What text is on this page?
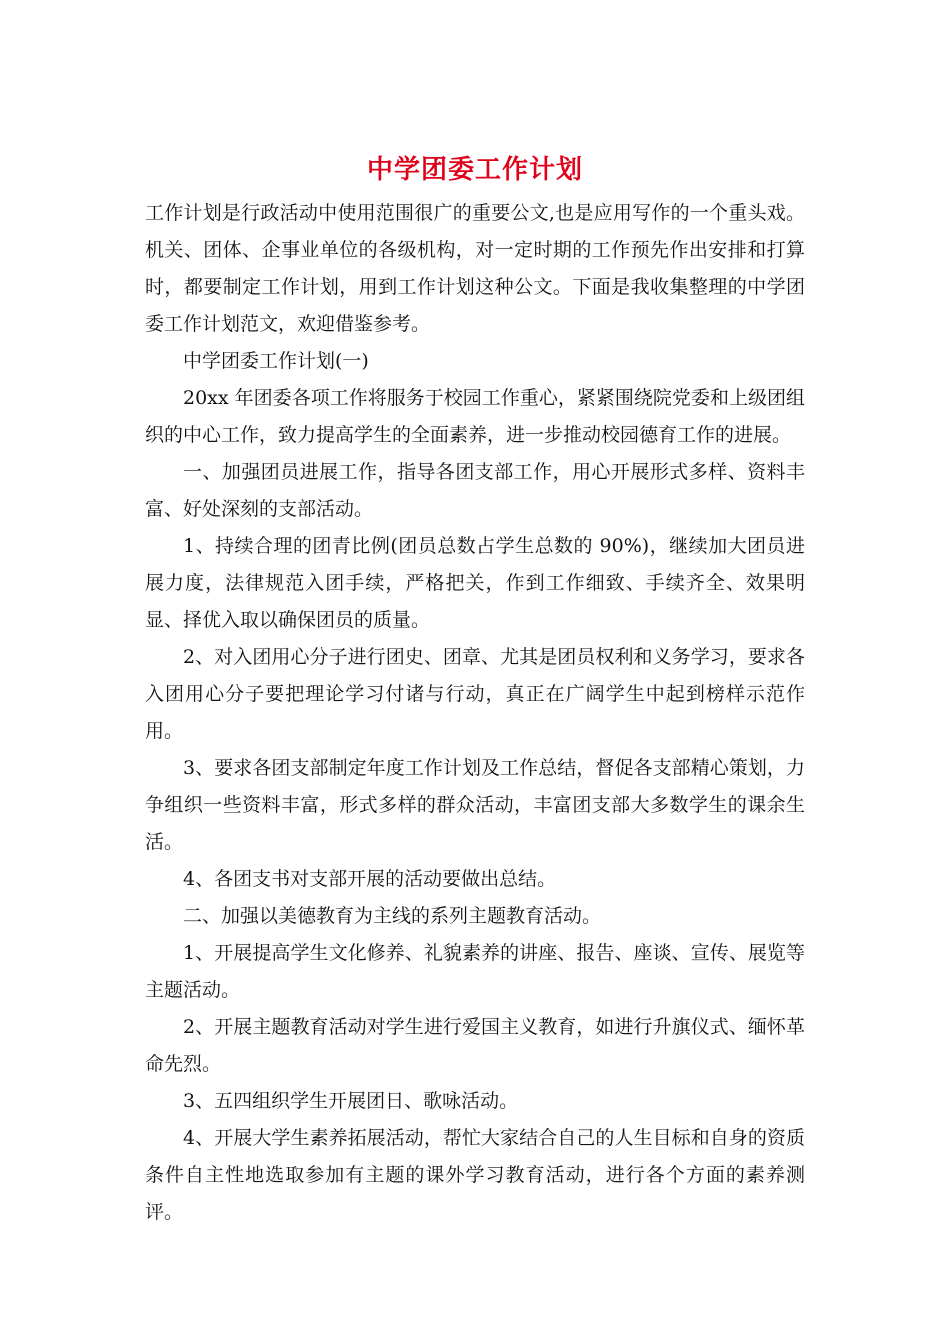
中学团委工作计划

工作计划是行政活动中使用范围很广的重要公文,也是应用写作的一个重头戏。机关、团体、企事业单位的各级机构，对一定时期的工作预先作出安排和打算时，都要制定工作计划，用到工作计划这种公文。下面是我收集整理的中学团委工作计划范文，欢迎借鉴参考。

中学团委工作计划(一)

20xx 年团委各项工作将服务于校园工作重心，紧紧围绕院党委和上级团组织的中心工作，致力提高学生的全面素养，进一步推动校园德育工作的进展。

一、加强团员进展工作，指导各团支部工作，用心开展形式多样、资料丰富、好处深刻的支部活动。

1、持续合理的团青比例(团员总数占学生总数的 90%)，继续加大团员进展力度，法律规范入团手续，严格把关，作到工作细致、手续齐全、效果明显、择优入取以确保团员的质量。

2、对入团用心分子进行团史、团章、尤其是团员权利和义务学习，要求各入团用心分子要把理论学习付诸与行动，真正在广阔学生中起到榜样示范作用。

3、要求各团支部制定年度工作计划及工作总结，督促各支部精心策划，力争组织一些资料丰富，形式多样的群众活动，丰富团支部大多数学生的课余生活。

4、各团支书对支部开展的活动要做出总结。

二、加强以美德教育为主线的系列主题教育活动。

1、开展提高学生文化修养、礼貌素养的讲座、报告、座谈、宣传、展览等主题活动。

2、开展主题教育活动对学生进行爱国主义教育，如进行升旗仪式、缅怀革命先烈。

3、五四组织学生开展团日、歌咏活动。

4、开展大学生素养拓展活动，帮忙大家结合自己的人生目标和自身的资质条件自主性地选取参加有主题的课外学习教育活动，进行各个方面的素养测评。
